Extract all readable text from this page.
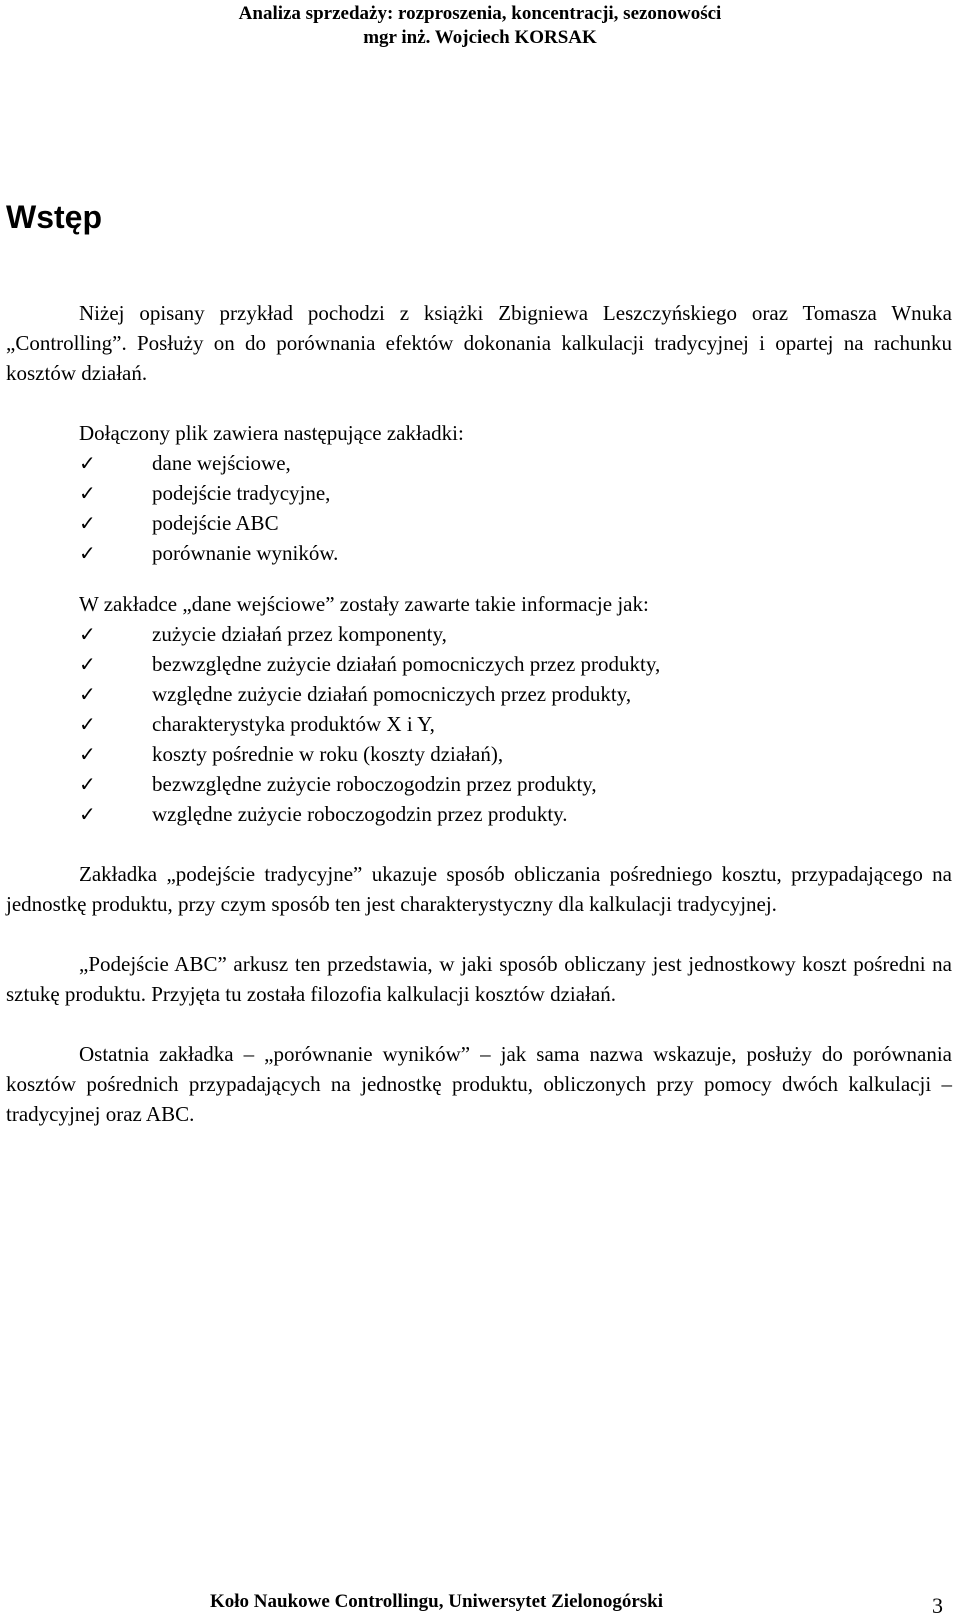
Analiza sprzedaży: rozproszenia, koncentracji, sezonowości
mgr inż. Wojciech KORSAK
Wstęp

Niżej opisany przykład pochodzi z książki Zbigniewa Leszczyńskiego oraz Tomasza Wnuka „Controlling”. Posłuży on do porównania efektów dokonania kalkulacji tradycyjnej i opartej na rachunku kosztów działań.

Dołączony plik zawiera następujące zakładki:

✓	dane wejściowe,
✓	podejście tradycyjne,
✓	podejście ABC
✓	porównanie wyników.

W zakładce „dane wejściowe” zostały zawarte takie informacje jak:

✓	zużycie działań przez komponenty,
✓	bezwzględne zużycie działań pomocniczych przez produkty,
✓	względne zużycie działań pomocniczych przez produkty,
✓	charakterystyka produktów X i Y,
✓	koszty pośrednie w roku (koszty działań),
✓	bezwzględne zużycie roboczogodzin przez produkty,
✓	względne zużycie roboczogodzin przez produkty.

Zakładka „podejście tradycyjne” ukazuje sposób obliczania pośredniego kosztu, przypadającego na jednostkę produktu, przy czym sposób ten jest charakterystyczny dla kalkulacji tradycyjnej.

„Podejście ABC” arkusz ten przedstawia, w jaki sposób obliczany jest jednostkowy koszt pośredni na sztukę produktu. Przyjęta tu została filozofia kalkulacji kosztów działań.

Ostatnia zakładka – „porównanie wyników” – jak sama nazwa wskazuje, posłuży do porównania kosztów pośrednich przypadających na jednostkę produktu, obliczonych przy pomocy dwóch kalkulacji – tradycyjnej oraz ABC.

Koło Naukowe Controllingu, Uniwersytet Zielonogórski	3
